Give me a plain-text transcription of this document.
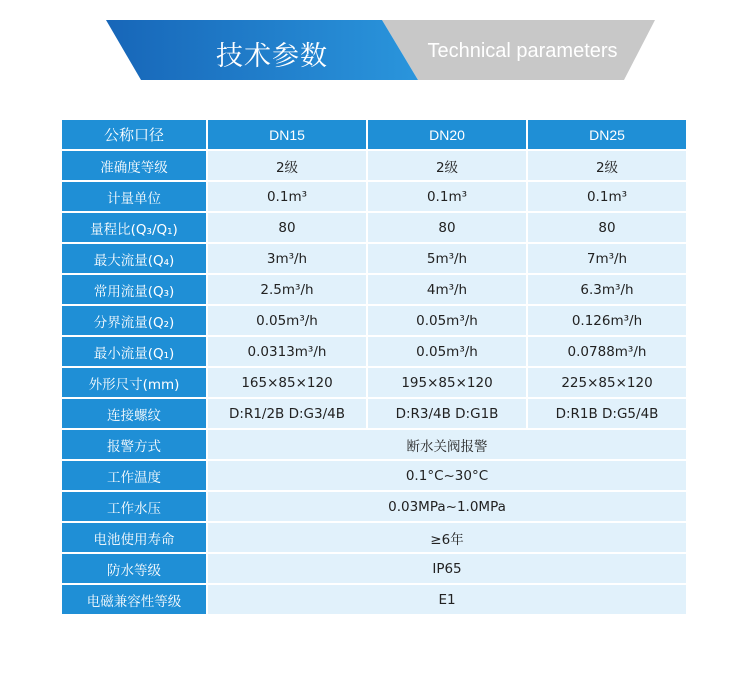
技术参数	Technical parameters
公称口径	DN15	DN20	DN25
准确度等级	2级	2级	2级
计量单位	0.1m³	0.1m³	0.1m³
量程比(Q₃/Q₁)	80	80	80
最大流量(Q₄)	3m³/h	5m³/h	7m³/h
常用流量(Q₃)	2.5m³/h	4m³/h	6.3m³/h
分界流量(Q₂)	0.05m³/h	0.05m³/h	0.126m³/h
最小流量(Q₁)	0.0313m³/h	0.05m³/h	0.0788m³/h
外形尺寸(mm)	165×85×120	195×85×120	225×85×120
连接螺纹	D:R1/2B D:G3/4B	D:R3/4B D:G1B	D:R1B D:G5/4B
报警方式	断水关阀报警		
工作温度	0.1°C~30°C		
工作水压	0.03MPa~1.0MPa		
电池使用寿命	≥6年		
防水等级	IP65		
电磁兼容性等级	E1		
